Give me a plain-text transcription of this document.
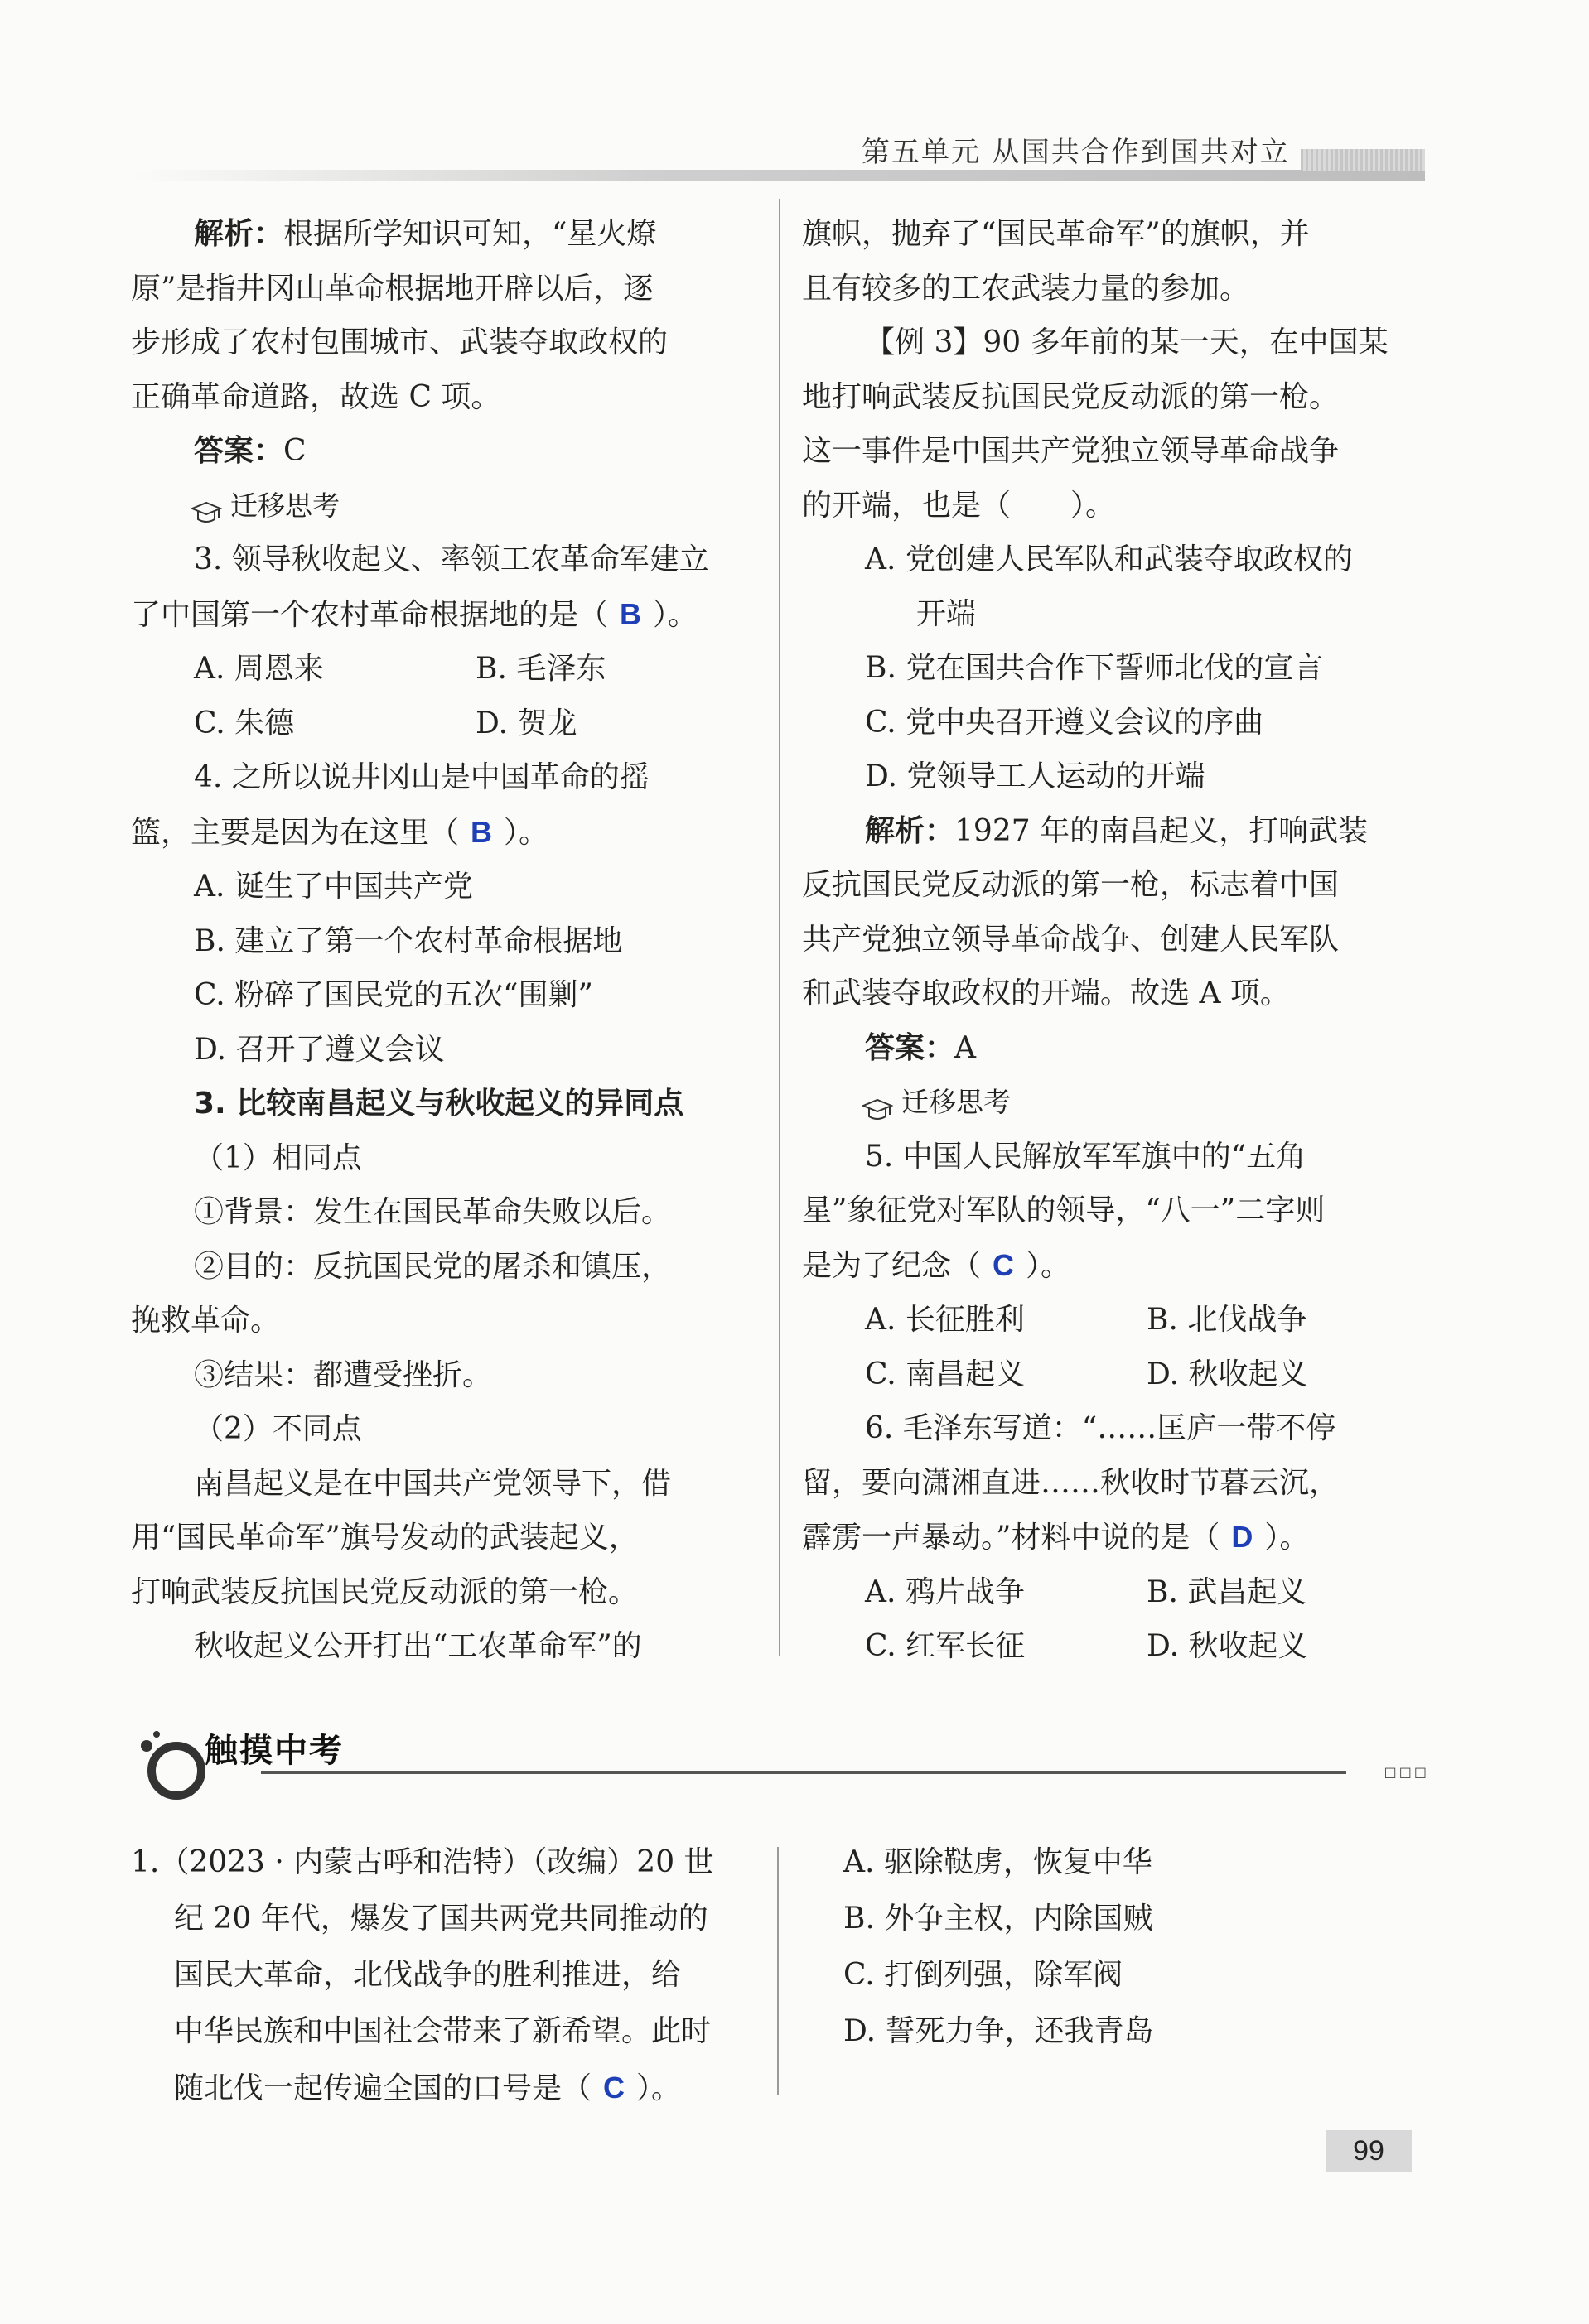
第五单元 从国共合作到国共对立

解析：根据所学知识可知，“星火燎

原”是指井冈山革命根据地开辟以后，逐

步形成了农村包围城市、武装夺取政权的

正确革命道路，故选 C 项。

答案：C

迁移思考

3. 领导秋收起义、率领工农革命军建立

了中国第一个农村革命根据地的是（ B ）。

A. 周恩来	B. 毛泽东

C. 朱德	D. 贺龙

4. 之所以说井冈山是中国革命的摇

篮，主要是因为在这里（ B ）。

A. 诞生了中国共产党

B. 建立了第一个农村革命根据地

C. 粉碎了国民党的五次“围剿”

D. 召开了遵义会议

3. 比较南昌起义与秋收起义的异同点

（1）相同点

①背景：发生在国民革命失败以后。

②目的：反抗国民党的屠杀和镇压，

挽救革命。

③结果：都遭受挫折。

（2）不同点

南昌起义是在中国共产党领导下，借

用“国民革命军”旗号发动的武装起义，

打响武装反抗国民党反动派的第一枪。

秋收起义公开打出“工农革命军”的

旗帜，抛弃了“国民革命军”的旗帜，并

且有较多的工农武装力量的参加。

【例 3】90 多年前的某一天，在中国某

地打响武装反抗国民党反动派的第一枪。

这一事件是中国共产党独立领导革命战争

的开端，也是（　　）。

A. 党创建人民军队和武装夺取政权的

开端

B. 党在国共合作下誓师北伐的宣言

C. 党中央召开遵义会议的序曲

D. 党领导工人运动的开端

解析：1927 年的南昌起义，打响武装

反抗国民党反动派的第一枪，标志着中国

共产党独立领导革命战争、创建人民军队

和武装夺取政权的开端。故选 A 项。

答案：A

迁移思考

5. 中国人民解放军军旗中的“五角

星”象征党对军队的领导，“八一”二字则

是为了纪念（ C ）。

A. 长征胜利	B. 北伐战争

C. 南昌起义	D. 秋收起义

6. 毛泽东写道：“……匡庐一带不停

留，要向潇湘直进……秋收时节暮云沉，

霹雳一声暴动。”材料中说的是（ D ）。

A. 鸦片战争	B. 武昌起义

C. 红军长征	D. 秋收起义

触摸中考
□□□

1.（2023 · 内蒙古呼和浩特）（改编）20 世

纪 20 年代，爆发了国共两党共同推动的

国民大革命，北伐战争的胜利推进，给

中华民族和中国社会带来了新希望。此时

随北伐一起传遍全国的口号是（ C ）。

A. 驱除鞑虏，恢复中华

B. 外争主权，内除国贼

C. 打倒列强，除军阀

D. 誓死力争，还我青岛

99
